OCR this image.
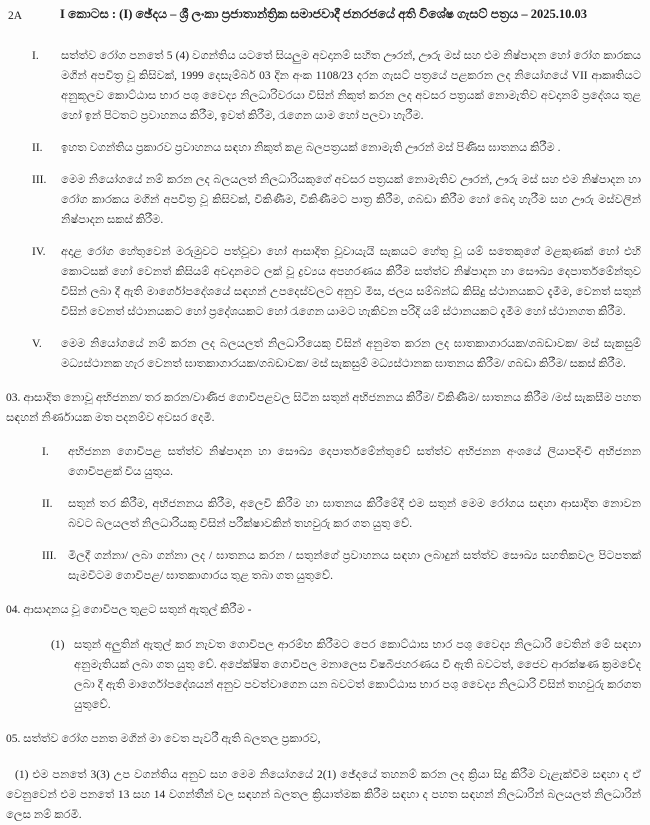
2A	I කොටස : (I) ඡේදය – ශ්‍රී ලංකා ප්‍රජාතාන්ත්‍රික සමාජවාදී ජනරජයේ අති විශේෂ ගැසට් පත්‍රය – 2025.10.03
I.	සත්ත්ව රෝග පනතේ 5 (4) වගන්තිය යටතේ සියලුම අවදානම් සහිත ඌරන්, ඌරු මස් සහ එම නිෂ්පාදන හෝ රෝග කාරකය මගින් අපවිත්‍ර වූ කිසිවක්, 1999 දෙසැම්බර් 03 දින අංක 1108/23 දරන ගැසට් පත්‍රයේ පළකරන ලද නියෝගයේ VII ආකෘතියට අනුකූලව කොට්ඨාස භාර පශු වෛද්‍ය නිලධාරිවරයා විසින් නිකුත් කරන ලද අවසර පත්‍රයක් නොමැතිව අවදානම් ප්‍රදේශය තුළ හෝ ඉන් පිටතට ප්‍රවාහනය කිරීම, ඉවත් කිරීම, රැගෙන යාම හෝ පලවා හැරීම.
II.	ඉහත වගන්තිය ප්‍රකාරව ප්‍රවාහනය සඳහා නිකුත් කළ බලපත්‍රයක් නොමැති ඌරන් මස් පිණිස ඝාතනය කිරීම .
III.	මෙම නියෝගයේ නම් කරන ලද බලයලත් නිලධාරියකුගේ අවසර පත්‍රයක් නොමැතිව ඌරන්, ඌරු මස් සහ එම නිෂ්පාදන හා රෝග කාරකය මගින් අපවිත්‍ර වූ කිසිවක්, විකිණීම, විකිණීමට පාත්‍ර කිරීම, ගබඩා කිරීම හෝ බෙදා හැරීම සහ ඌරු මස්වලින් නිෂ්පාදන සකස් කිරීම.
IV.	අදාළ රෝග හේතුවෙන් මරුමුවට පත්වූවා හෝ ආසාදිත වූවායැයි සැකයට හේතු වූ යම් සතෙකුගේ මළකුණක් හෝ එහි කොටසක් හෝ වෙනත් කිසියම් අවදානමට ලක් වූ ද්‍රව්‍යය අපහරණය කිරීම සත්ත්ව නිෂ්පාදන හා සෞඛ්‍ය දෙපාර්තමේන්තුව විසින් ලබා දී ඇති මාර්ගෝපදේශයේ සඳහන් උපදෙස්වලට අනුව මිස, ජලය සම්බන්ධ කිසිදු ස්ථානයකට දැමීම, වෙනත් සතුන් විසින් වෙනත් ස්ථානයකට හෝ ප්‍රදේශයකට හෝ රැගෙන යාමට හැකිවන පරිදි යම් ස්ථානයකට දැමීම හෝ ස්ථානගත කිරීම.
V.	මෙම නියෝගයේ නම් කරන ලද බලයලත් නිලධාරියෙකු විසින් අනුමත කරන ලද ඝාතකාගාරයක/ගබඩාවක/ මස් සැකසුම් මධ්‍යස්ථානක හැර වෙනත් ඝාතකාගාරයක/ගබඩාවක/ මස් සැකසුම් මධ්‍යස්ථානක ඝාතනය කිරීම/ ගබඩා කිරීම/ සකස් කිරීම.

03. ආසාදිත නොවූ අභිජනන/ තර කරන/වාණිජ ගොවිපළවල සිටින සතුන් අභිජනනය කිරීම/ විකිණීම/ ඝාතනය කිරීම /මස් සැකසීම පහත සඳහන් නිර්ණායක මත පදනම්ව අවසර දෙමි.

I.	අභිජනන ගොවිපළ සත්ත්ව නිෂ්පාදන හා සෞඛ්‍ය දෙපාර්තමේන්තුවේ සත්ත්ව අභිජනන අංශයේ ලියාපදිංචි අභිජනන ගොවිපළක් විය යුතුය.
II.	සතුන් තර කිරීම, අභිජනනය කිරීම, අලෙවි කිරීම හා ඝාතනය කිරීමේදී එම සතුන් මෙම රෝගය සඳහා ආසාදිත නොවන බවට බලයලත් නිලධාරියකු විසින් පරීක්ෂාවකින් තහවුරු කර ගත යුතු වේ.
III.	මිලදී ගන්නා/ ලබා ගන්නා ලද / ඝාතනය කරන / සතුන්ගේ ප්‍රවාහනය සඳහා ලබාදුන් සත්ත්ව සෞඛ්‍ය සහතිකවල පිටපතක් සැමවිටම ගොවිපළ/ ඝාතකාගාරය තුළ තබා ගත යුතුවේ.

04. ආසාදනය වූ ගොවිපල තුළට සතුන් ඇතුල් කිරීම -

(1) සතුන් අලුතින් ඇතුල් කර නැවත ගොවිපල ආරම්භ කිරීමට පෙර කොට්ඨාස භාර පශු වෛද්‍ය නිලධාරි වෙතින් මේ සඳහා අනුමැතියක් ලබා ගත යුතු වේ. අපේක්ෂිත ගොවිපල මනාලෙස විෂබීජහරණය වී ඇති බවටත්, ජෛව ආරක්ෂණ ක්‍රමවේද ලබා දී ඇති මාර්ගෝපදේශයන් අනුව පවත්වාගෙන යන බවටත් කොට්ඨාස භාර පශු වෛද්‍ය නිලධාරි විසින් තහවුරු කරගත යුතුවේ.

05. සත්ත්ව රෝග පනත මගින් මා වෙත පැවරී ඇති බලතල ප්‍රකාරව,

(1) එම පනතේ 3(3) උප වගන්තිය අනුව සහ මෙම නියෝගයේ 2(1) ඡේදයේ තහනම් කරන ලද ක්‍රියා සිදු කිරීම වැළැක්වීම සඳහා ද ඒ වෙනුවෙන් එම පනතේ 13 සහ 14 වගන්තීන් වල සඳහන් බලතල ක්‍රියාත්මක කිරීම සඳහා ද පහත සඳහන් නිලධාරින් බලයලත් නිලධාරින් ලෙස නම් කරමි.
